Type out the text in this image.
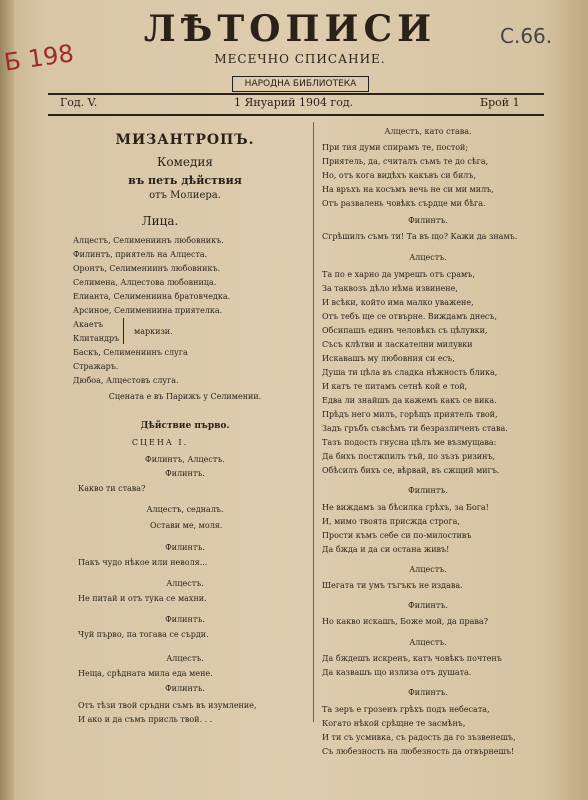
ЛѢТОПИСИ
МЕСЕЧНО СПИСАНИЕ.
НАРОДНА БИБЛИОТЕКА
Б 198
С.66.
Год. V.	1 Януарий 1904 год.	Брой 1
МИЗАНТРОПЪ.
Комедия
въ петь дѣйствия
отъ Молиера.
Лица.
Алцестъ, Селимениинъ любовникъ.
Филинтъ, приятель на Алцеста.
Оронтъ, Селимениинъ любовникъ.
Селимена, Алцестова любовница.
Елианта, Селимениина братовчедка.
Арсиное, Селимениина приятелка.
Акаетъ
Клитандръ
маркизи.
Баскъ, Селимениинъ слуга
Стражаръ.
Дюбоа, Алцестовъ слуга.
Сцената е въ Парижъ у Селимении.
Дѣйствие първо.
СЦЕНА I.
Филинтъ, Алцестъ.
Филинтъ.
Какво ти става?
Алцестъ, седналъ.
Остави ме, моля.
Филинтъ.
Пакъ чудо нѣкое или неволя...
Алцестъ.
Не питай и отъ тука се махни.
Филинтъ.
Чуй първо, па тогава се сърди.
Алцестъ.
Неща, срѣдната мила еда мене.
Филинтъ.
Отъ тѣзи твой сръдни съмъ въ изумление,
И ако и да съмъ присль твой. . .
Алцестъ, като става.
При тия думи спирамъ те, постой;
Приятель, да, считалъ съмъ те до сѣга,
Но, отъ кога видѣхъ какъвъ си билъ,
На връхъ на косъмъ вечь не си ми милъ,
Отъ развалень човѣкъ сърдце ми бѣга.
Филинтъ.
Сгрѣшилъ съмъ ти! Та въ що? Кажи да знамъ.
Алцестъ.
Та по е харно да умрешъ отъ срамъ,
За таквозъ дѣло нѣма извинене,
И всѣки, който има малко уважене,
Отъ тебъ ще се отвърне. Виждамъ днесъ,
Обсипашъ единъ человѣкъ съ цѣлувки,
Съсъ клѣтви и ласкателни милувки
Искавашъ му любовния си есъ,
Душа ти цѣла въ сладка нѣжность блика,
И катъ те питамъ сетнѣ кой е той,
Едва ли знайшъ да кажемъ какъ се вика.
Прѣдъ него милъ, горѣщъ приятель твой,
Задъ гръбъ съвсѣмъ ти безразличенъ става.
Тазъ подость гнусна цѣлъ ме възмущава:
Да бихъ постжпилъ тъй, по зъзъ ризинъ,
Обѣсилъ бихъ се, вѣрвай, въ сжщий мигъ.
Филинтъ.
Не виждамъ за бѣсилка грѣхъ, за Бога!
И, мимо твоята присжда строга,
Прости къмъ себе си по-милостивъ
Да бжда и да си остана живъ!
Алцестъ.
Шегата ти умъ тъгъкъ не издава.
Филинтъ.
Но какво искашъ, Боже мой, да права?
Алцестъ.
Да бждешъ искренъ, катъ човѣкъ почтенъ
Да казвашъ що излиза отъ душата.
Филинтъ.
Та зеръ е грозенъ грѣхъ подъ небесата,
Когато нѣкой срѣщне те засмѣнъ,
И ти съ усмивка, съ радость да го зъзвенешъ,
Съ любезность на любезность да отвърнешъ!
